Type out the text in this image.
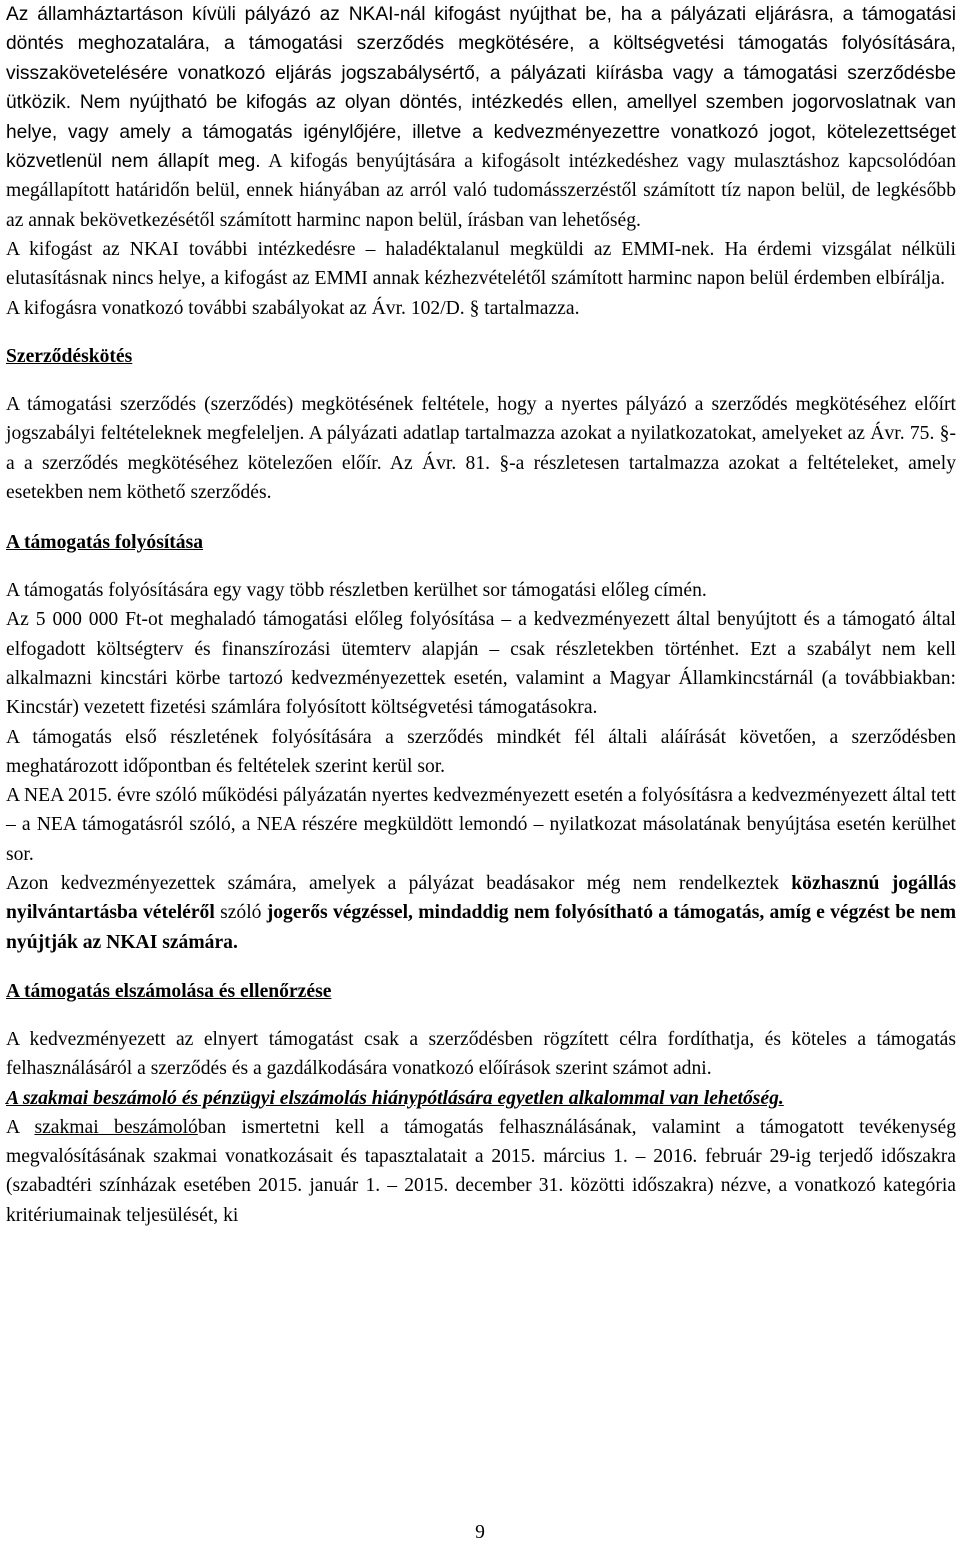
Az államháztartáson kívüli pályázó az NKAI-nál kifogást nyújthat be, ha a pályázati eljárásra, a támogatási döntés meghozatalára, a támogatási szerződés megkötésére, a költségvetési támogatás folyósítására, visszakövetelésére vonatkozó eljárás jogszabálysértő, a pályázati kiírásba vagy a támogatási szerződésbe ütközik. Nem nyújtható be kifogás az olyan döntés, intézkedés ellen, amellyel szemben jogorvoslatnak van helye, vagy amely a támogatás igénylőjére, illetve a kedvezményezettre vonatkozó jogot, kötelezettséget közvetlenül nem állapít meg. A kifogás benyújtására a kifogásolt intézkedéshez vagy mulasztáshoz kapcsolódóan megállapított határidőn belül, ennek hiányában az arról való tudomásszerzéstől számított tíz napon belül, de legkésőbb az annak bekövetkezésétől számított harminc napon belül, írásban van lehetőség.

A kifogást az NKAI további intézkedésre – haladéktalanul megküldi az EMMI-nek. Ha érdemi vizsgálat nélküli elutasításnak nincs helye, a kifogást az EMMI annak kézhezvételétől számított harminc napon belül érdemben elbírálja.

A kifogásra vonatkozó további szabályokat az Ávr. 102/D. § tartalmazza.

Szerződéskötés

A támogatási szerződés (szerződés) megkötésének feltétele, hogy a nyertes pályázó a szerződés megkötéséhez előírt jogszabályi feltételeknek megfeleljen. A pályázati adatlap tartalmazza azokat a nyilatkozatokat, amelyeket az Ávr. 75. §-a a szerződés megkötéséhez kötelezően előír. Az Ávr. 81. §-a részletesen tartalmazza azokat a feltételeket, amely esetekben nem köthető szerződés.

A támogatás folyósítása

A támogatás folyósítására egy vagy több részletben kerülhet sor támogatási előleg címén.

Az 5 000 000 Ft-ot meghaladó támogatási előleg folyósítása – a kedvezményezett által benyújtott és a támogató által elfogadott költségterv és finanszírozási ütemterv alapján – csak részletekben történhet. Ezt a szabályt nem kell alkalmazni kincstári körbe tartozó kedvezményezettek esetén, valamint a Magyar Államkincstárnál (a továbbiakban: Kincstár) vezetett fizetési számlára folyósított költségvetési támogatásokra.

A támogatás első részletének folyósítására a szerződés mindkét fél általi aláírását követően, a szerződésben meghatározott időpontban és feltételek szerint kerül sor.

A NEA 2015. évre szóló működési pályázatán nyertes kedvezményezett esetén a folyósításra a kedvezményezett által tett – a NEA támogatásról szóló, a NEA részére megküldött lemondó – nyilatkozat másolatának benyújtása esetén kerülhet sor.

Azon kedvezményezettek számára, amelyek a pályázat beadásakor még nem rendelkeztek közhasznú jogállás nyilvántartásba vételéről szóló jogerős végzéssel, mindaddig nem folyósítható a támogatás, amíg e végzést be nem nyújtják az NKAI számára.

A támogatás elszámolása és ellenőrzése

A kedvezményezett az elnyert támogatást csak a szerződésben rögzített célra fordíthatja, és köteles a támogatás felhasználásáról a szerződés és a gazdálkodására vonatkozó előírások szerint számot adni.

A szakmai beszámoló és pénzügyi elszámolás hiánypótlására egyetlen alkalommal van lehetőség.

A szakmai beszámolóban ismertetni kell a támogatás felhasználásának, valamint a támogatott tevékenység megvalósításának szakmai vonatkozásait és tapasztalatait a 2015. március 1. – 2016. február 29-ig terjedő időszakra (szabadtéri színházak esetében 2015. január 1. – 2015. december 31. közötti időszakra) nézve, a vonatkozó kategória kritériumainak teljesülését, ki

9
